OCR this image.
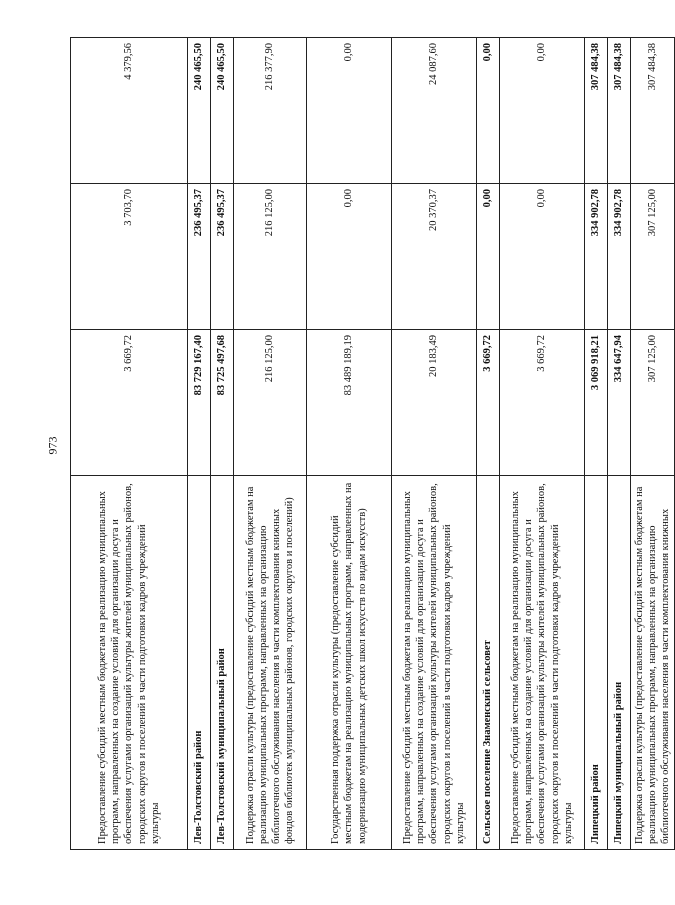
973
Предоставление субсидий местным бюджетам на реализацию муниципальных программ, направленных на создание условий для организации досуга и обеспечения услугами организаций культуры жителей муниципальных районов, городских округов и поселений в части подготовки кадров учреждений культуры	3 669,72	3 703,70	4 379,56
Лев-Толстовский район	83 729 167,40	236 495,37	240 465,50
Лев-Толстовский муниципальный район	83 725 497,68	236 495,37	240 465,50
Поддержка отрасли культуры (предоставление субсидий местным бюджетам на реализацию муниципальных программ, направленных на организацию библиотечного обслуживания населения в части комплектования книжных фондов библиотек муниципальных районов, городских округов и поселений)	216 125,00	216 125,00	216 377,90
Государственная поддержка отрасли культуры (предоставление субсидий местным бюджетам на реализацию муниципальных программ, направленных на модернизацию муниципальных детских школ искусств по видам искусств)	83 489 189,19	0,00	0,00
Предоставление субсидий местным бюджетам на реализацию муниципальных программ, направленных на создание условий для организации досуга и обеспечения услугами организаций культуры жителей муниципальных районов, городских округов и поселений в части подготовки кадров учреждений культуры	20 183,49	20 370,37	24 087,60
Сельское поселение Знаменский сельсовет	3 669,72	0,00	0,00
Предоставление субсидий местным бюджетам на реализацию муниципальных программ, направленных на создание условий для организации досуга и обеспечения услугами организаций культуры жителей муниципальных районов, городских округов и поселений в части подготовки кадров учреждений культуры	3 669,72	0,00	0,00
Липецкий район	3 069 918,21	334 902,78	307 484,38
Липецкий муниципальный район	334 647,94	334 902,78	307 484,38
Поддержка отрасли культуры (предоставление субсидий местным бюджетам на реализацию муниципальных программ, направленных на организацию библиотечного обслуживания населения в части комплектования книжных	307 125,00	307 125,00	307 484,38
